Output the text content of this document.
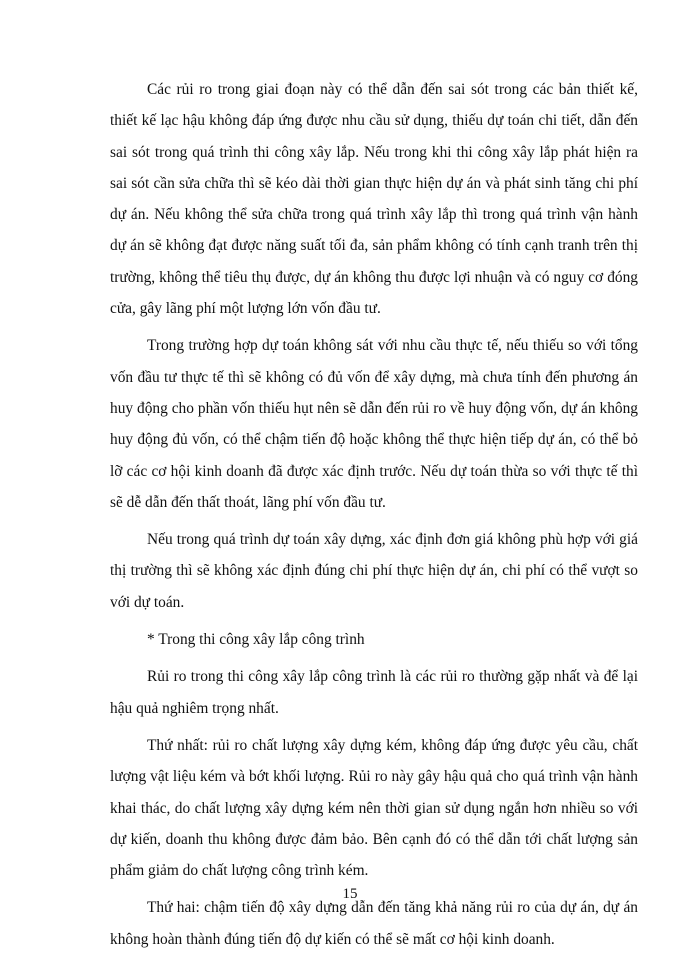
Các rủi ro trong giai đoạn này có thể dẫn đến sai sót trong các bản thiết kế, thiết kế lạc hậu không đáp ứng được nhu cầu sử dụng, thiếu dự toán chi tiết, dẫn đến sai sót trong quá trình thi công xây lắp. Nếu trong khi thi công xây lắp phát hiện ra sai sót cần sửa chữa thì sẽ kéo dài thời gian thực hiện dự án và phát sinh tăng chi phí dự án. Nếu không thể sửa chữa trong quá trình xây lắp thì trong quá trình vận hành dự án sẽ không đạt được năng suất tối đa, sản phẩm không có tính cạnh tranh trên thị trường, không thể tiêu thụ được, dự án không thu được lợi nhuận và có nguy cơ đóng cửa, gây lãng phí một lượng lớn vốn đầu tư.

Trong trường hợp dự toán không sát với nhu cầu thực tế, nếu thiếu so với tổng vốn đầu tư thực tế thì sẽ không có đủ vốn để xây dựng, mà chưa tính đến phương án huy động cho phần vốn thiếu hụt nên sẽ dẫn đến rủi ro về huy động vốn, dự án không huy động đủ vốn, có thể chậm tiến độ hoặc không thể thực hiện tiếp dự án, có thể bỏ lỡ các cơ hội kinh doanh đã được xác định trước. Nếu dự toán thừa so với thực tế thì sẽ dễ dẫn đến thất thoát, lãng phí vốn đầu tư.

Nếu trong quá trình dự toán xây dựng, xác định đơn giá không phù hợp với giá thị trường thì sẽ không xác định đúng chi phí thực hiện dự án, chi phí có thể vượt so với dự toán.

* Trong thi công xây lắp công trình

Rủi ro trong thi công xây lắp công trình là các rủi ro thường gặp nhất và để lại hậu quả nghiêm trọng nhất.

Thứ nhất: rủi ro chất lượng xây dựng kém, không đáp ứng được yêu cầu, chất lượng vật liệu kém và bớt khối lượng. Rủi ro này gây hậu quả cho quá trình vận hành khai thác, do chất lượng xây dựng kém nên thời gian sử dụng ngắn hơn nhiều so với dự kiến, doanh thu không được đảm bảo. Bên cạnh đó có thể dẫn tới chất lượng sản phẩm giảm do chất lượng công trình kém.

Thứ hai: chậm tiến độ xây dựng dẫn đến tăng khả năng rủi ro của dự án, dự án không hoàn thành đúng tiến độ dự kiến có thể sẽ mất cơ hội kinh doanh.

15
